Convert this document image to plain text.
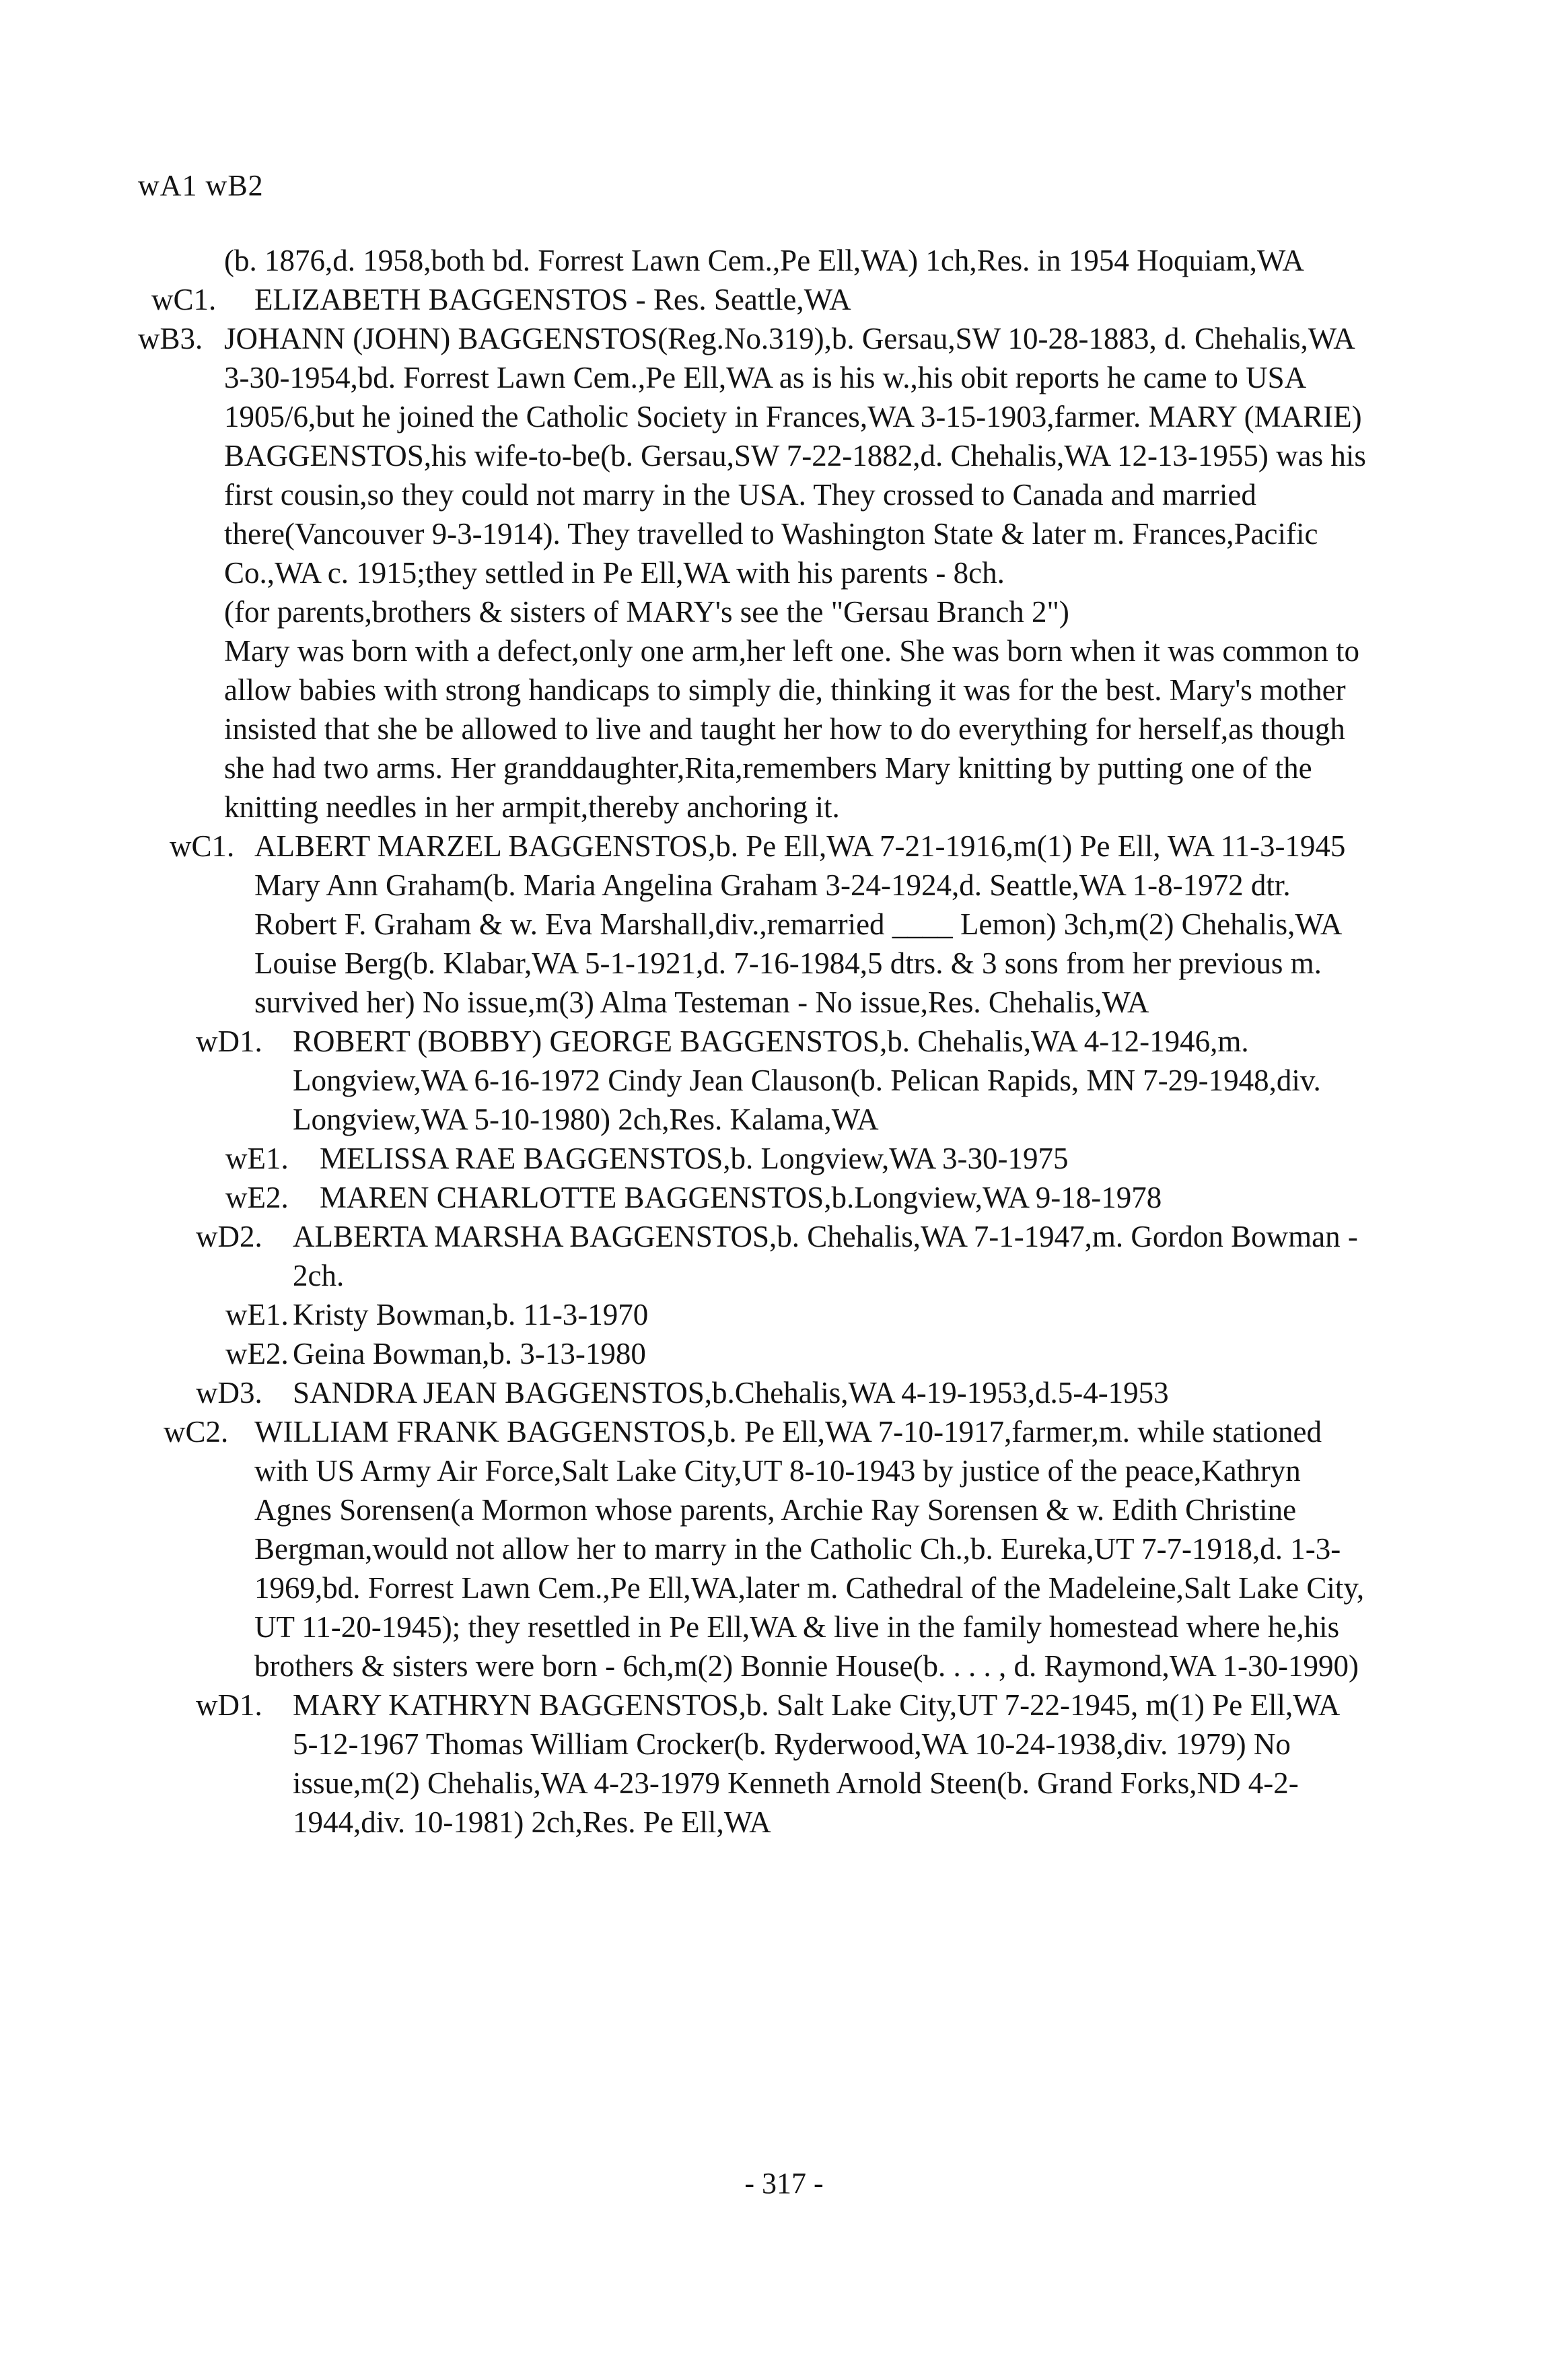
wA1 wB2
(b. 1876,d. 1958,both bd. Forrest Lawn Cem.,Pe Ell,WA) 1ch,Res. in 1954 Hoquiam,WA
wC1. ELIZABETH BAGGENSTOS - Res. Seattle,WA
wB3. JOHANN (JOHN) BAGGENSTOS(Reg.No.319),b. Gersau,SW 10-28-1883, d. Chehalis,WA 3-30-1954,bd. Forrest Lawn Cem.,Pe Ell,WA as is his w.,his obit reports he came to USA 1905/6,but he joined the Catholic Society in Frances,WA 3-15-1903,farmer. MARY (MARIE) BAGGENSTOS,his wife-to-be(b. Gersau,SW 7-22-1882,d. Chehalis,WA 12-13-1955) was his first cousin,so they could not marry in the USA. They crossed to Canada and married there(Vancouver 9-3-1914). They travelled to Washington State & later m. Frances,Pacific Co.,WA c. 1915;they settled in Pe Ell,WA with his parents - 8ch.
(for parents,brothers & sisters of MARY's see the "Gersau Branch 2")
Mary was born with a defect,only one arm,her left one. She was born when it was common to allow babies with strong handicaps to simply die, thinking it was for the best. Mary's mother insisted that she be allowed to live and taught her how to do everything for herself,as though she had two arms. Her granddaughter,Rita,remembers Mary knitting by putting one of the knitting needles in her armpit,thereby anchoring it.
wC1. ALBERT MARZEL BAGGENSTOS,b. Pe Ell,WA 7-21-1916,m(1) Pe Ell, WA 11-3-1945 Mary Ann Graham(b. Maria Angelina Graham 3-24-1924,d. Seattle,WA 1-8-1972 dtr. Robert F. Graham & w. Eva Marshall,div.,remarried ____ Lemon) 3ch,m(2) Chehalis,WA Louise Berg(b. Klabar,WA 5-1-1921,d. 7-16-1984,5 dtrs. & 3 sons from her previous m. survived her) No issue,m(3) Alma Testeman - No issue,Res. Chehalis,WA
wD1. ROBERT (BOBBY) GEORGE BAGGENSTOS,b. Chehalis,WA 4-12-1946,m. Longview,WA 6-16-1972 Cindy Jean Clauson(b. Pelican Rapids, MN 7-29-1948,div. Longview,WA 5-10-1980) 2ch,Res. Kalama,WA
wE1. MELISSA RAE BAGGENSTOS,b. Longview,WA 3-30-1975
wE2. MAREN CHARLOTTE BAGGENSTOS,b.Longview,WA 9-18-1978
wD2. ALBERTA MARSHA BAGGENSTOS,b. Chehalis,WA 7-1-1947,m. Gordon Bowman - 2ch.
wE1. Kristy Bowman,b. 11-3-1970
wE2. Geina Bowman,b. 3-13-1980
wD3. SANDRA JEAN BAGGENSTOS,b.Chehalis,WA 4-19-1953,d.5-4-1953
wC2. WILLIAM FRANK BAGGENSTOS,b. Pe Ell,WA 7-10-1917,farmer,m. while stationed with US Army Air Force,Salt Lake City,UT 8-10-1943 by justice of the peace,Kathryn Agnes Sorensen(a Mormon whose parents, Archie Ray Sorensen & w. Edith Christine Bergman,would not allow her to marry in the Catholic Ch.,b. Eureka,UT 7-7-1918,d. 1-3-1969,bd. Forrest Lawn Cem.,Pe Ell,WA,later m. Cathedral of the Madeleine,Salt Lake City, UT 11-20-1945); they resettled in Pe Ell,WA & live in the family homestead where he,his brothers & sisters were born - 6ch,m(2) Bonnie House(b. . . . , d. Raymond,WA 1-30-1990)
wD1. MARY KATHRYN BAGGENSTOS,b. Salt Lake City,UT 7-22-1945, m(1) Pe Ell,WA 5-12-1967 Thomas William Crocker(b. Ryderwood,WA 10-24-1938,div. 1979) No issue,m(2) Chehalis,WA 4-23-1979 Kenneth Arnold Steen(b. Grand Forks,ND 4-2-1944,div. 10-1981) 2ch,Res. Pe Ell,WA
- 317 -
